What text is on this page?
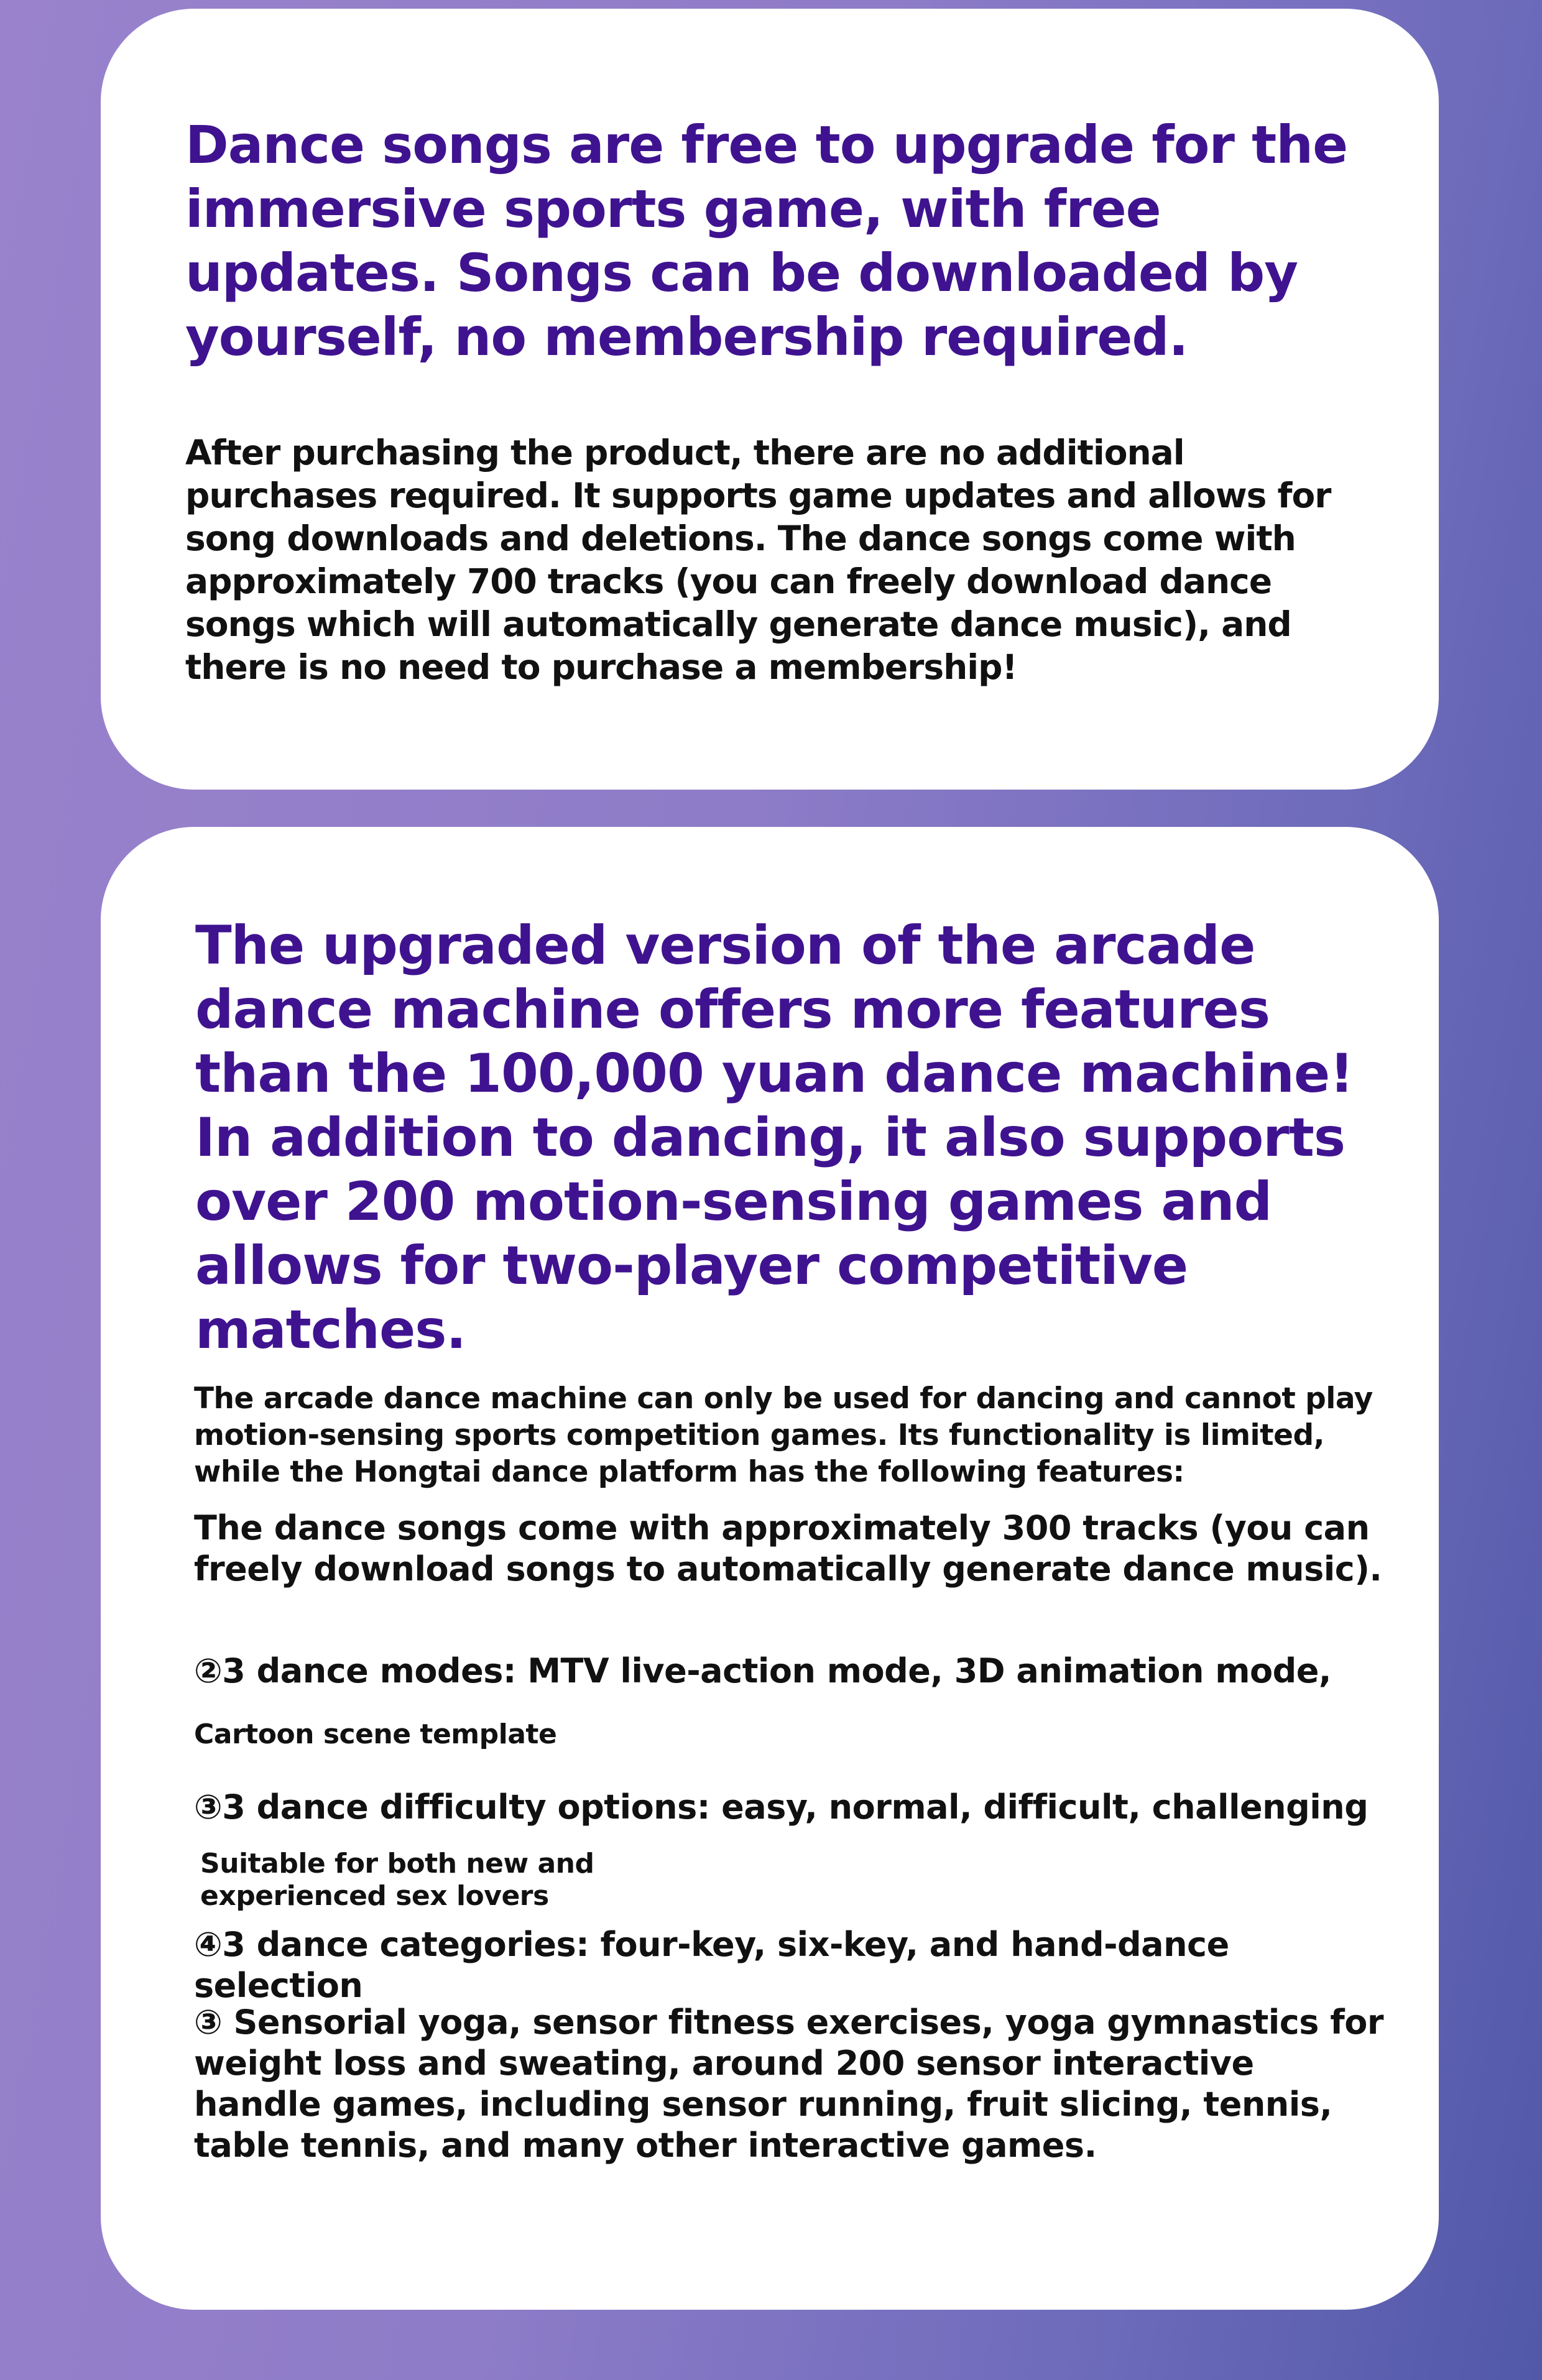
Dance songs are free to upgrade for the immersive sports game, with free updates. Songs can be downloaded by yourself, no membership required.

After purchasing the product, there are no additional purchases required. It supports game updates and allows for song downloads and deletions. The dance songs come with approximately 700 tracks (you can freely download dance songs which will automatically generate dance music), and there is no need to purchase a membership!

The upgraded version of the arcade dance machine offers more features than the 100,000 yuan dance machine! In addition to dancing, it also supports over 200 motion-sensing games and allows for two-player competitive matches.

The arcade dance machine can only be used for dancing and cannot play motion-sensing sports competition games. Its functionality is limited, while the Hongtai dance platform has the following features:

The dance songs come with approximately 300 tracks (you can freely download songs to automatically generate dance music).

②3 dance modes: MTV live-action mode, 3D animation mode,

Cartoon scene template

③3 dance difficulty options: easy, normal, difficult, challenging

Suitable for both new and experienced sex lovers

④3 dance categories: four-key, six-key, and hand-dance selection

③ Sensorial yoga, sensor fitness exercises, yoga gymnastics for weight loss and sweating, around 200 sensor interactive handle games, including sensor running, fruit slicing, tennis, table tennis, and many other interactive games.
